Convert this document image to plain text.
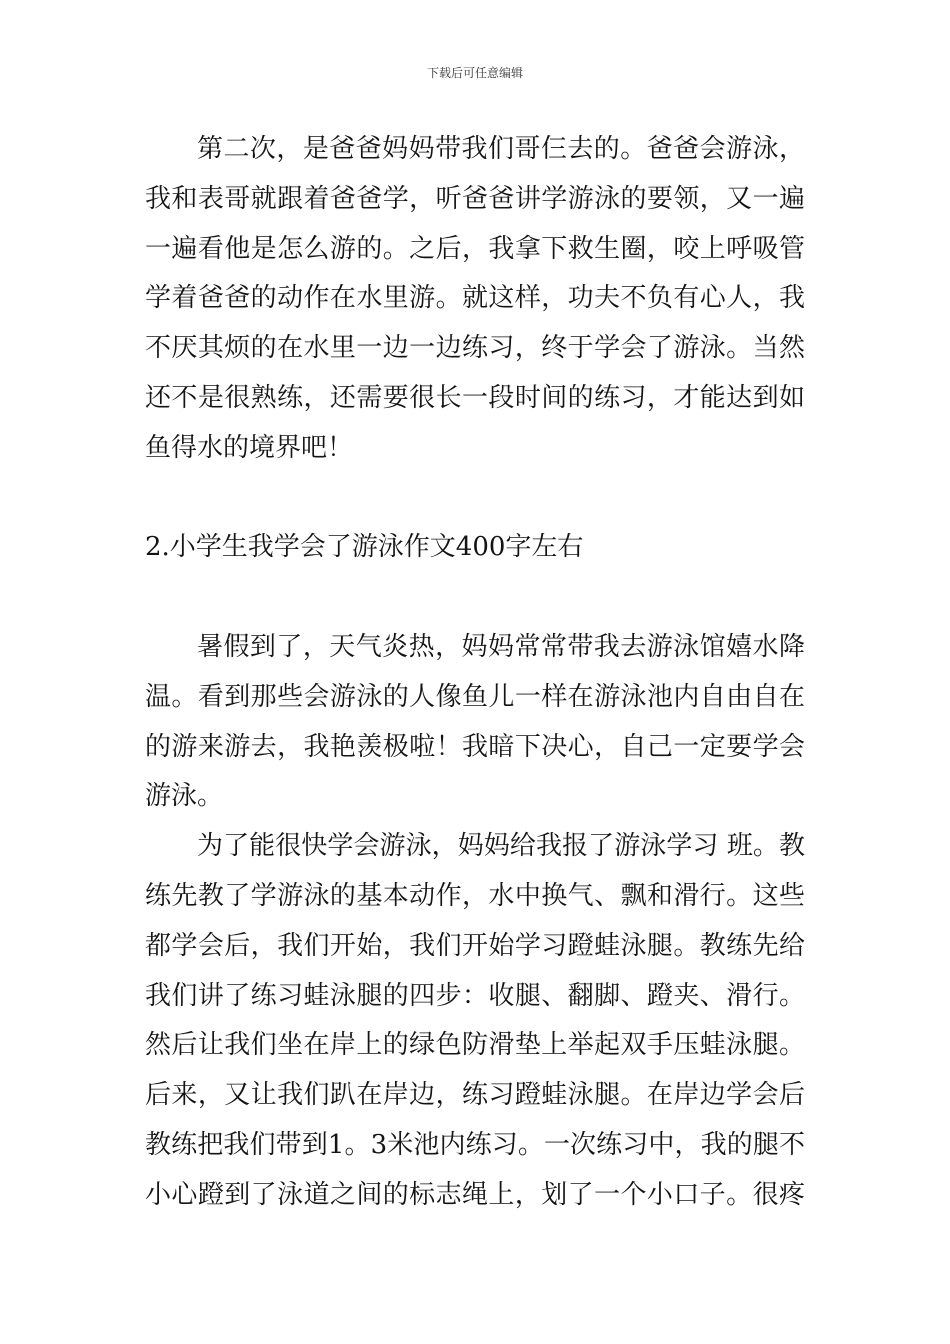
下载后可任意编辑
第二次，是爸爸妈妈带我们哥仨去的。爸爸会游泳，
我和表哥就跟着爸爸学，听爸爸讲学游泳的要领，又一遍
一遍看他是怎么游的。之后，我拿下救生圈，咬上呼吸管
学着爸爸的动作在水里游。就这样，功夫不负有心人，我
不厌其烦的在水里一边一边练习，终于学会了游泳。当然
还不是很熟练，还需要很长一段时间的练习，才能达到如
鱼得水的境界吧！
2.小学生我学会了游泳作文400字左右
暑假到了，天气炎热，妈妈常常带我去游泳馆嬉水降
温。看到那些会游泳的人像鱼儿一样在游泳池内自由自在
的游来游去，我艳羡极啦！我暗下决心，自己一定要学会
游泳。
为了能很快学会游泳，妈妈给我报了游泳学习 班。教
练先教了学游泳的基本动作，水中换气、飘和滑行。这些
都学会后，我们开始，我们开始学习蹬蛙泳腿。教练先给
我们讲了练习蛙泳腿的四步：收腿、翻脚、蹬夹、滑行。
然后让我们坐在岸上的绿色防滑垫上举起双手压蛙泳腿。
后来，又让我们趴在岸边，练习蹬蛙泳腿。在岸边学会后
教练把我们带到1。3米池内练习。一次练习中，我的腿不
小心蹬到了泳道之间的标志绳上，划了一个小口子。很疼
